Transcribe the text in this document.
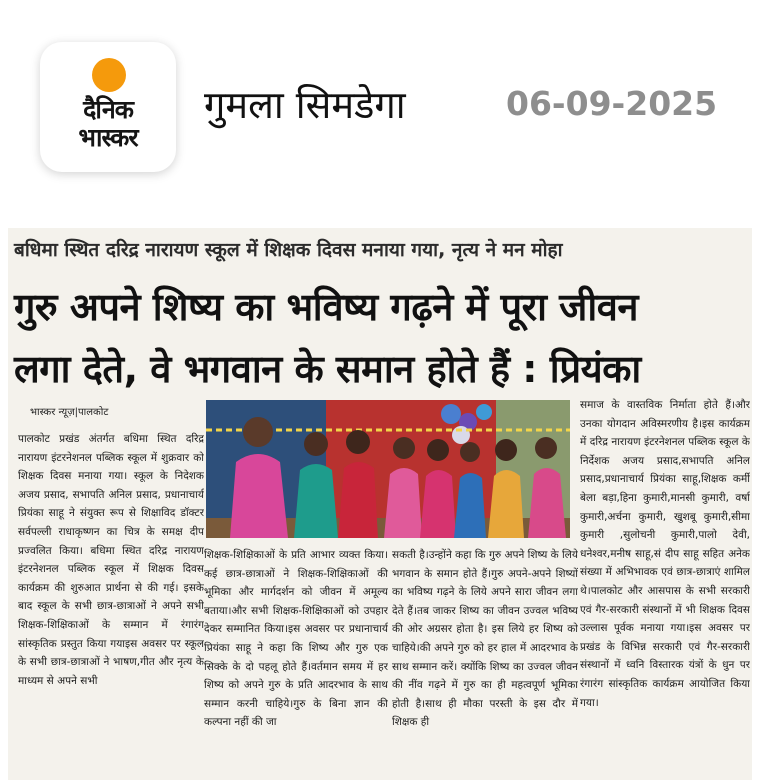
दैनिक
भास्कर
गुमला सिमडेगा	06-09-2025
बधिमा स्थित दरिद्र नारायण स्कूल में शिक्षक दिवस मनाया गया, नृत्य ने मन मोहा
गुरु अपने शिष्य का भविष्य गढ़ने में पूरा जीवन
लगा देते, वे भगवान के समान होते हैं : प्रियंका
भास्कर न्यूज़|पालकोट

पालकोट प्रखंड अंतर्गत बधिमा स्थित दरिद्र नारायण इंटरनेशनल पब्लिक स्कूल में शुक्रवार को शिक्षक दिवस मनाया गया। स्कूल के निदेशक अजय प्रसाद, सभापति अनिल प्रसाद, प्रधानाचार्य प्रियंका साहू ने संयुक्त रूप से शिक्षाविद डॉक्टर सर्वपल्ली राधाकृष्णन का चित्र के समक्ष दीप प्रज्वलित किया। बधिमा स्थित दरिद्र नारायण इंटरनेशनल पब्लिक स्कूल में शिक्षक दिवस कार्यक्रम की शुरुआत प्रार्थना से की गई। इसके बाद स्कूल के सभी छात्र-छात्राओं ने अपने सभी शिक्षक-शिक्षिकाओं के सम्मान में रंगारंग सांस्कृतिक प्रस्तुत किया गयाइस अवसर पर स्कूल के सभी छात्र-छात्राओं ने भाषण,गीत और नृत्य के माध्यम से अपने सभी

शिक्षक-शिक्षिकाओं के प्रति आभार व्यक्त किया। कई छात्र-छात्राओं ने शिक्षक-शिक्षिकाओं की भूमिका और मार्गदर्शन को जीवन में अमूल्य बताया।और सभी शिक्षक-शिक्षिकाओं को उपहार देकर सम्मानित किया।इस अवसर पर प्रधानाचार्य प्रियंका साहू ने कहा कि शिष्य और गुरु एक सिक्के के दो पहलू होते हैं।वर्तमान समय में हर शिष्य को अपने गुरु के प्रति आदरभाव के साथ सम्मान करनी चाहिये।गुरु के बिना ज्ञान की कल्पना नहीं की जा

सकती है।उन्होंने कहा कि गुरु अपने शिष्य के लिये भगवान के समान होते हैं।गुरु अपने-अपने शिष्यों का भविष्य गढ़ने के लिये अपने सारा जीवन लगा देते हैं।तब जाकर शिष्य का जीवन उज्वल भविष्य की ओर अग्रसर होता है। इस लिये हर शिष्य को चाहिये।की अपने गुरु को हर हाल में आदरभाव के साथ सम्मान करें। क्योंकि शिष्य का उज्वल जीवन की नींव गढ़ने में गुरु का ही महत्वपूर्ण भूमिका होती है।साथ ही मौका परस्ती के इस दौर में शिक्षक ही

समाज के वास्तविक निर्माता होते हैं।और उनका योगदान अविस्मरणीय है।इस कार्यक्रम में दरिद्र नारायण इंटरनेशनल पब्लिक स्कूल के निर्देशक अजय प्रसाद,सभापति अनिल प्रसाद,प्रधानाचार्य प्रियंका साहू,शिक्षक कर्मी बेला बड़ा,हिना कुमारी,मानसी कुमारी, वर्षा कुमारी,अर्चना कुमारी, खुशबू कुमारी,सीमा कुमारी ,सुलोचनी कुमारी,पालो देवी, धनेश्वर,मनीष साहू,सं दीप साहू सहित अनेक संख्या में अभिभावक एवं छात्र-छात्राएं शामिल थे।पालकोट और आसपास के सभी सरकारी एवं गैर-सरकारी संस्थानों में भी शिक्षक दिवस उल्लास पूर्वक मनाया गया।इस अवसर पर प्रखंड के विभिन्न सरकारी एवं गैर-सरकारी संस्थानों में ध्वनि विस्तारक यंत्रों के धुन पर रंगारंग सांस्कृतिक कार्यक्रम आयोजित किया गया।
